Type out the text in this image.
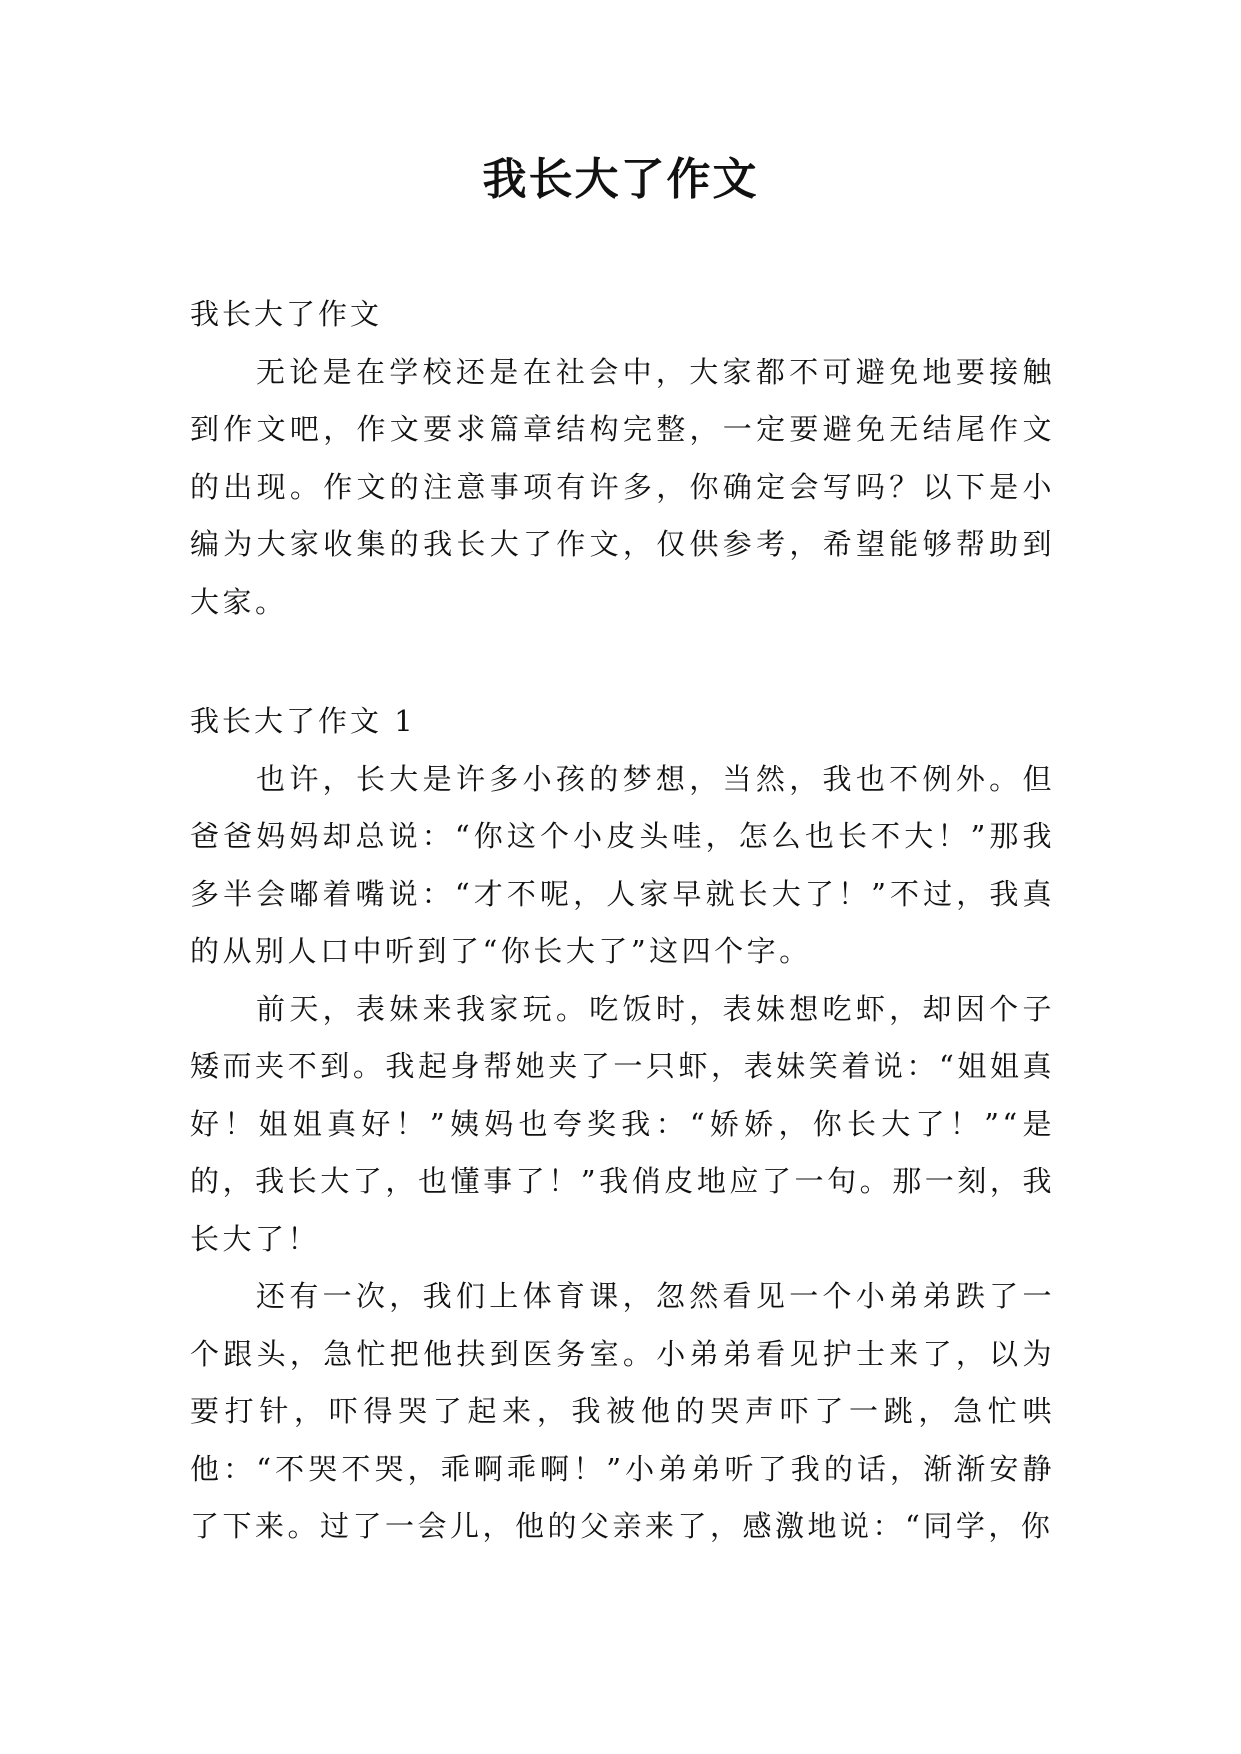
我长大了作文

我长大了作文

无论是在学校还是在社会中，大家都不可避免地要接触到作文吧，作文要求篇章结构完整，一定要避免无结尾作文的出现。作文的注意事项有许多，你确定会写吗？以下是小编为大家收集的我长大了作文，仅供参考，希望能够帮助到大家。

我长大了作文 1

也许，长大是许多小孩的梦想，当然，我也不例外。但爸爸妈妈却总说：“你这个小皮头哇，怎么也长不大！”那我多半会嘟着嘴说：“才不呢，人家早就长大了！”不过，我真的从别人口中听到了“你长大了”这四个字。

前天，表妹来我家玩。吃饭时，表妹想吃虾，却因个子矮而夹不到。我起身帮她夹了一只虾，表妹笑着说：“姐姐真好！姐姐真好！”姨妈也夸奖我：“娇娇，你长大了！”“是的，我长大了，也懂事了！”我俏皮地应了一句。那一刻，我长大了！

还有一次，我们上体育课，忽然看见一个小弟弟跌了一个跟头，急忙把他扶到医务室。小弟弟看见护士来了，以为要打针，吓得哭了起来，我被他的哭声吓了一跳，急忙哄他：“不哭不哭，乖啊乖啊！”小弟弟听了我的话，渐渐安静了下来。过了一会儿，他的父亲来了，感激地说：“同学，你
